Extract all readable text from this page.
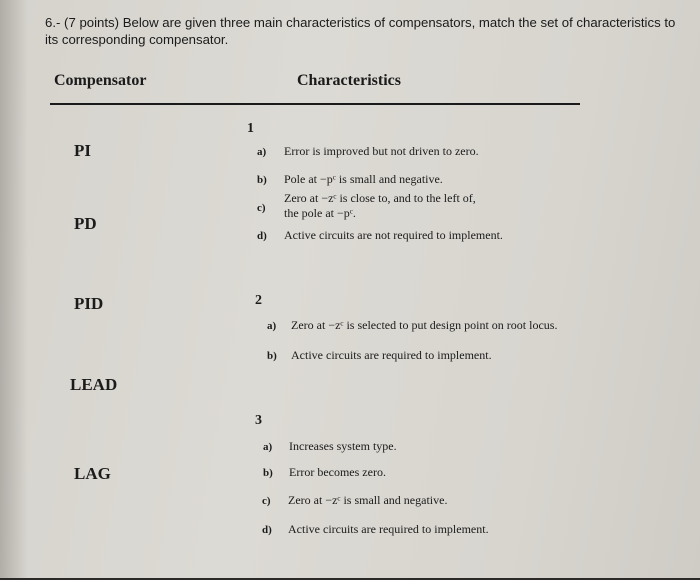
6.- (7 points) Below are given three main characteristics of compensators, match the set of characteristics to its corresponding compensator.
Compensator	Characteristics
PI
PD
PID
LEAD
LAG
1
a) Error is improved but not driven to zero.
b) Pole at −pᶜ is small and negative.
c)
Zero at −zᶜ is close to, and to the left of,
the pole at −pᶜ.
d) Active circuits are not required to implement.
2
a) Zero at −zᶜ is selected to put design point on root locus.
b) Active circuits are required to implement.
3
a) Increases system type.
b) Error becomes zero.
c) Zero at −zᶜ is small and negative.
d) Active circuits are required to implement.
